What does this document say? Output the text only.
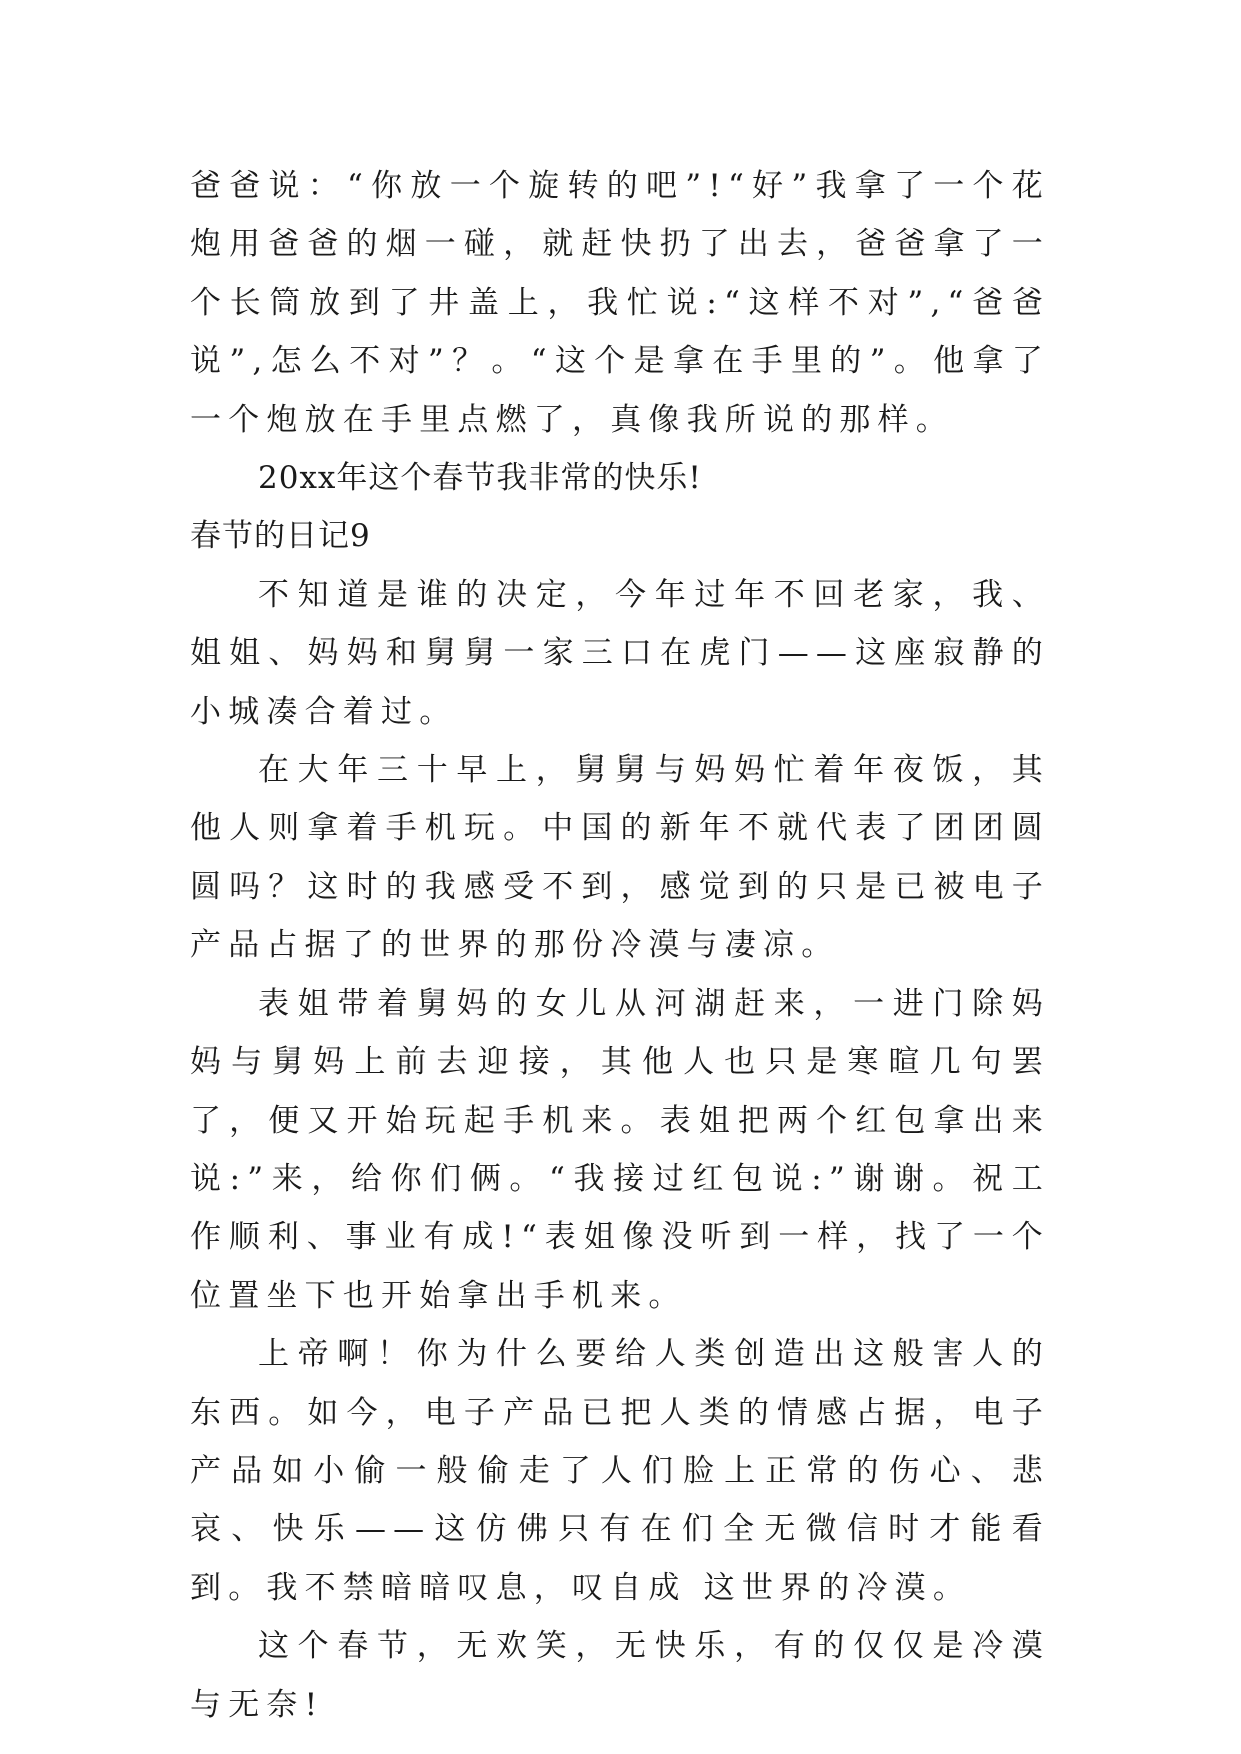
爸爸说：“你放一个旋转的吧”!“好”我拿了一个花炮用爸爸的烟一碰，就赶快扔了出去，爸爸拿了一个长筒放到了井盖上，我忙说:“这样不对”,“爸爸说”,怎么不对”？。“这个是拿在手里的”。他拿了一个炮放在手里点燃了，真像我所说的那样。

20xx年这个春节我非常的快乐!

春节的日记9

不知道是谁的决定，今年过年不回老家，我、姐姐、妈妈和舅舅一家三口在虎门——这座寂静的小城凑合着过。

在大年三十早上，舅舅与妈妈忙着年夜饭，其他人则拿着手机玩。中国的新年不就代表了团团圆圆吗？这时的我感受不到，感觉到的只是已被电子产品占据了的世界的那份冷漠与凄凉。

表姐带着舅妈的女儿从河湖赶来，一进门除妈妈与舅妈上前去迎接，其他人也只是寒暄几句罢了，便又开始玩起手机来。表姐把两个红包拿出来说:”来，给你们俩。“我接过红包说:”谢谢。祝工作顺利、事业有成!“表姐像没听到一样，找了一个位置坐下也开始拿出手机来。

上帝啊！你为什么要给人类创造出这般害人的东西。如今，电子产品已把人类的情感占据，电子产品如小偷一般偷走了人们脸上正常的伤心、悲哀、快乐——这仿佛只有在们全无微信时才能看到。我不禁暗暗叹息，叹自成 这世界的冷漠。

这个春节，无欢笑，无快乐，有的仅仅是冷漠与无奈!
